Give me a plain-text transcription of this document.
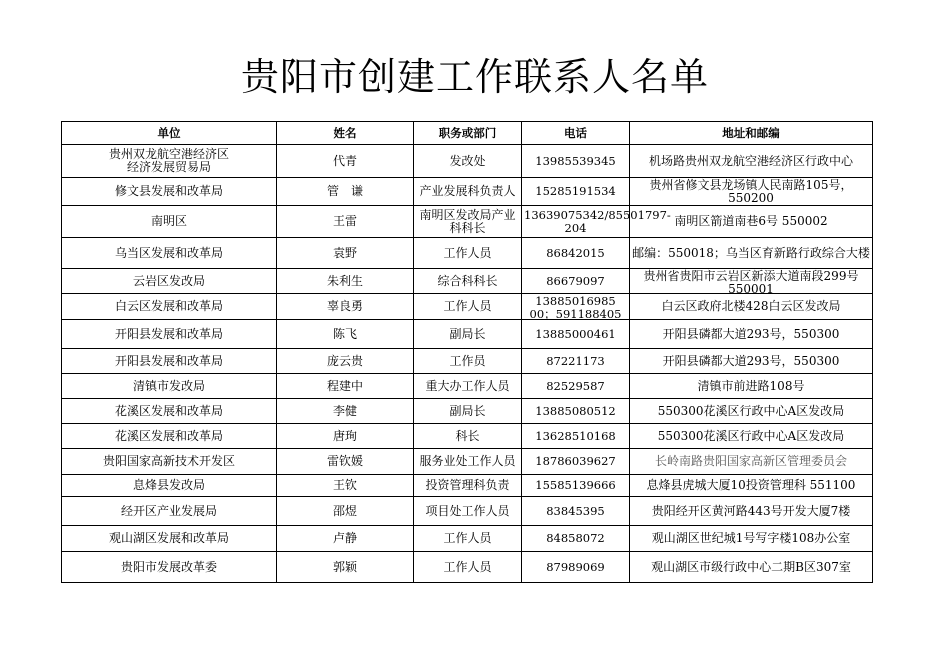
贵阳市创建工作联系人名单
单位	姓名	职务或部门	电话	地址和邮编

贵州双龙航空港经济区
经济发展贸易局	代青	发改处	13985539345	机场路贵州双龙航空港经济区行政中心

修文县发展和改革局	管　谦	产业发展科负责人	15285191534	贵州省修文县龙场镇人民南路105号，550200

南明区	王雷	南明区发改局产业科科长	13639075342/85501797-204	南明区箭道南巷6号 550002

乌当区发展和改革局	袁野	工作人员	86842015	邮编：550018；乌当区育新路行政综合大楼

云岩区发改局	朱利生	综合科科长	86679097	贵州省贵阳市云岩区新添大道南段299号550001

白云区发展和改革局	辜良勇	工作人员	13885016985 00；591188405	白云区政府北楼428白云区发改局

开阳县发展和改革局	陈飞	副局长	13885000461	开阳县磷都大道293号，550300

开阳县发展和改革局	庞云贵	工作员	87221173	开阳县磷都大道293号，550300

清镇市发改局	程建中	重大办工作人员	82529587	清镇市前进路108号

花溪区发展和改革局	李健	副局长	13885080512	550300花溪区行政中心A区发改局

花溪区发展和改革局	唐珣	科长	13628510168	550300花溪区行政中心A区发改局

贵阳国家高新技术开发区	雷钦媛	服务业处工作人员	18786039627	长岭南路贵阳国家高新区管理委员会

息烽县发改局	王钦	投资管理科负责	15585139666	息烽县虎城大厦10投资管理科 551100

经开区产业发展局	邵煜	项目处工作人员	83845395	贵阳经开区黄河路443号开发大厦7楼

观山湖区发展和改革局	卢静	工作人员	84858072	观山湖区世纪城1号写字楼108办公室

贵阳市发展改革委	郭颖	工作人员	87989069	观山湖区市级行政中心二期B区307室
